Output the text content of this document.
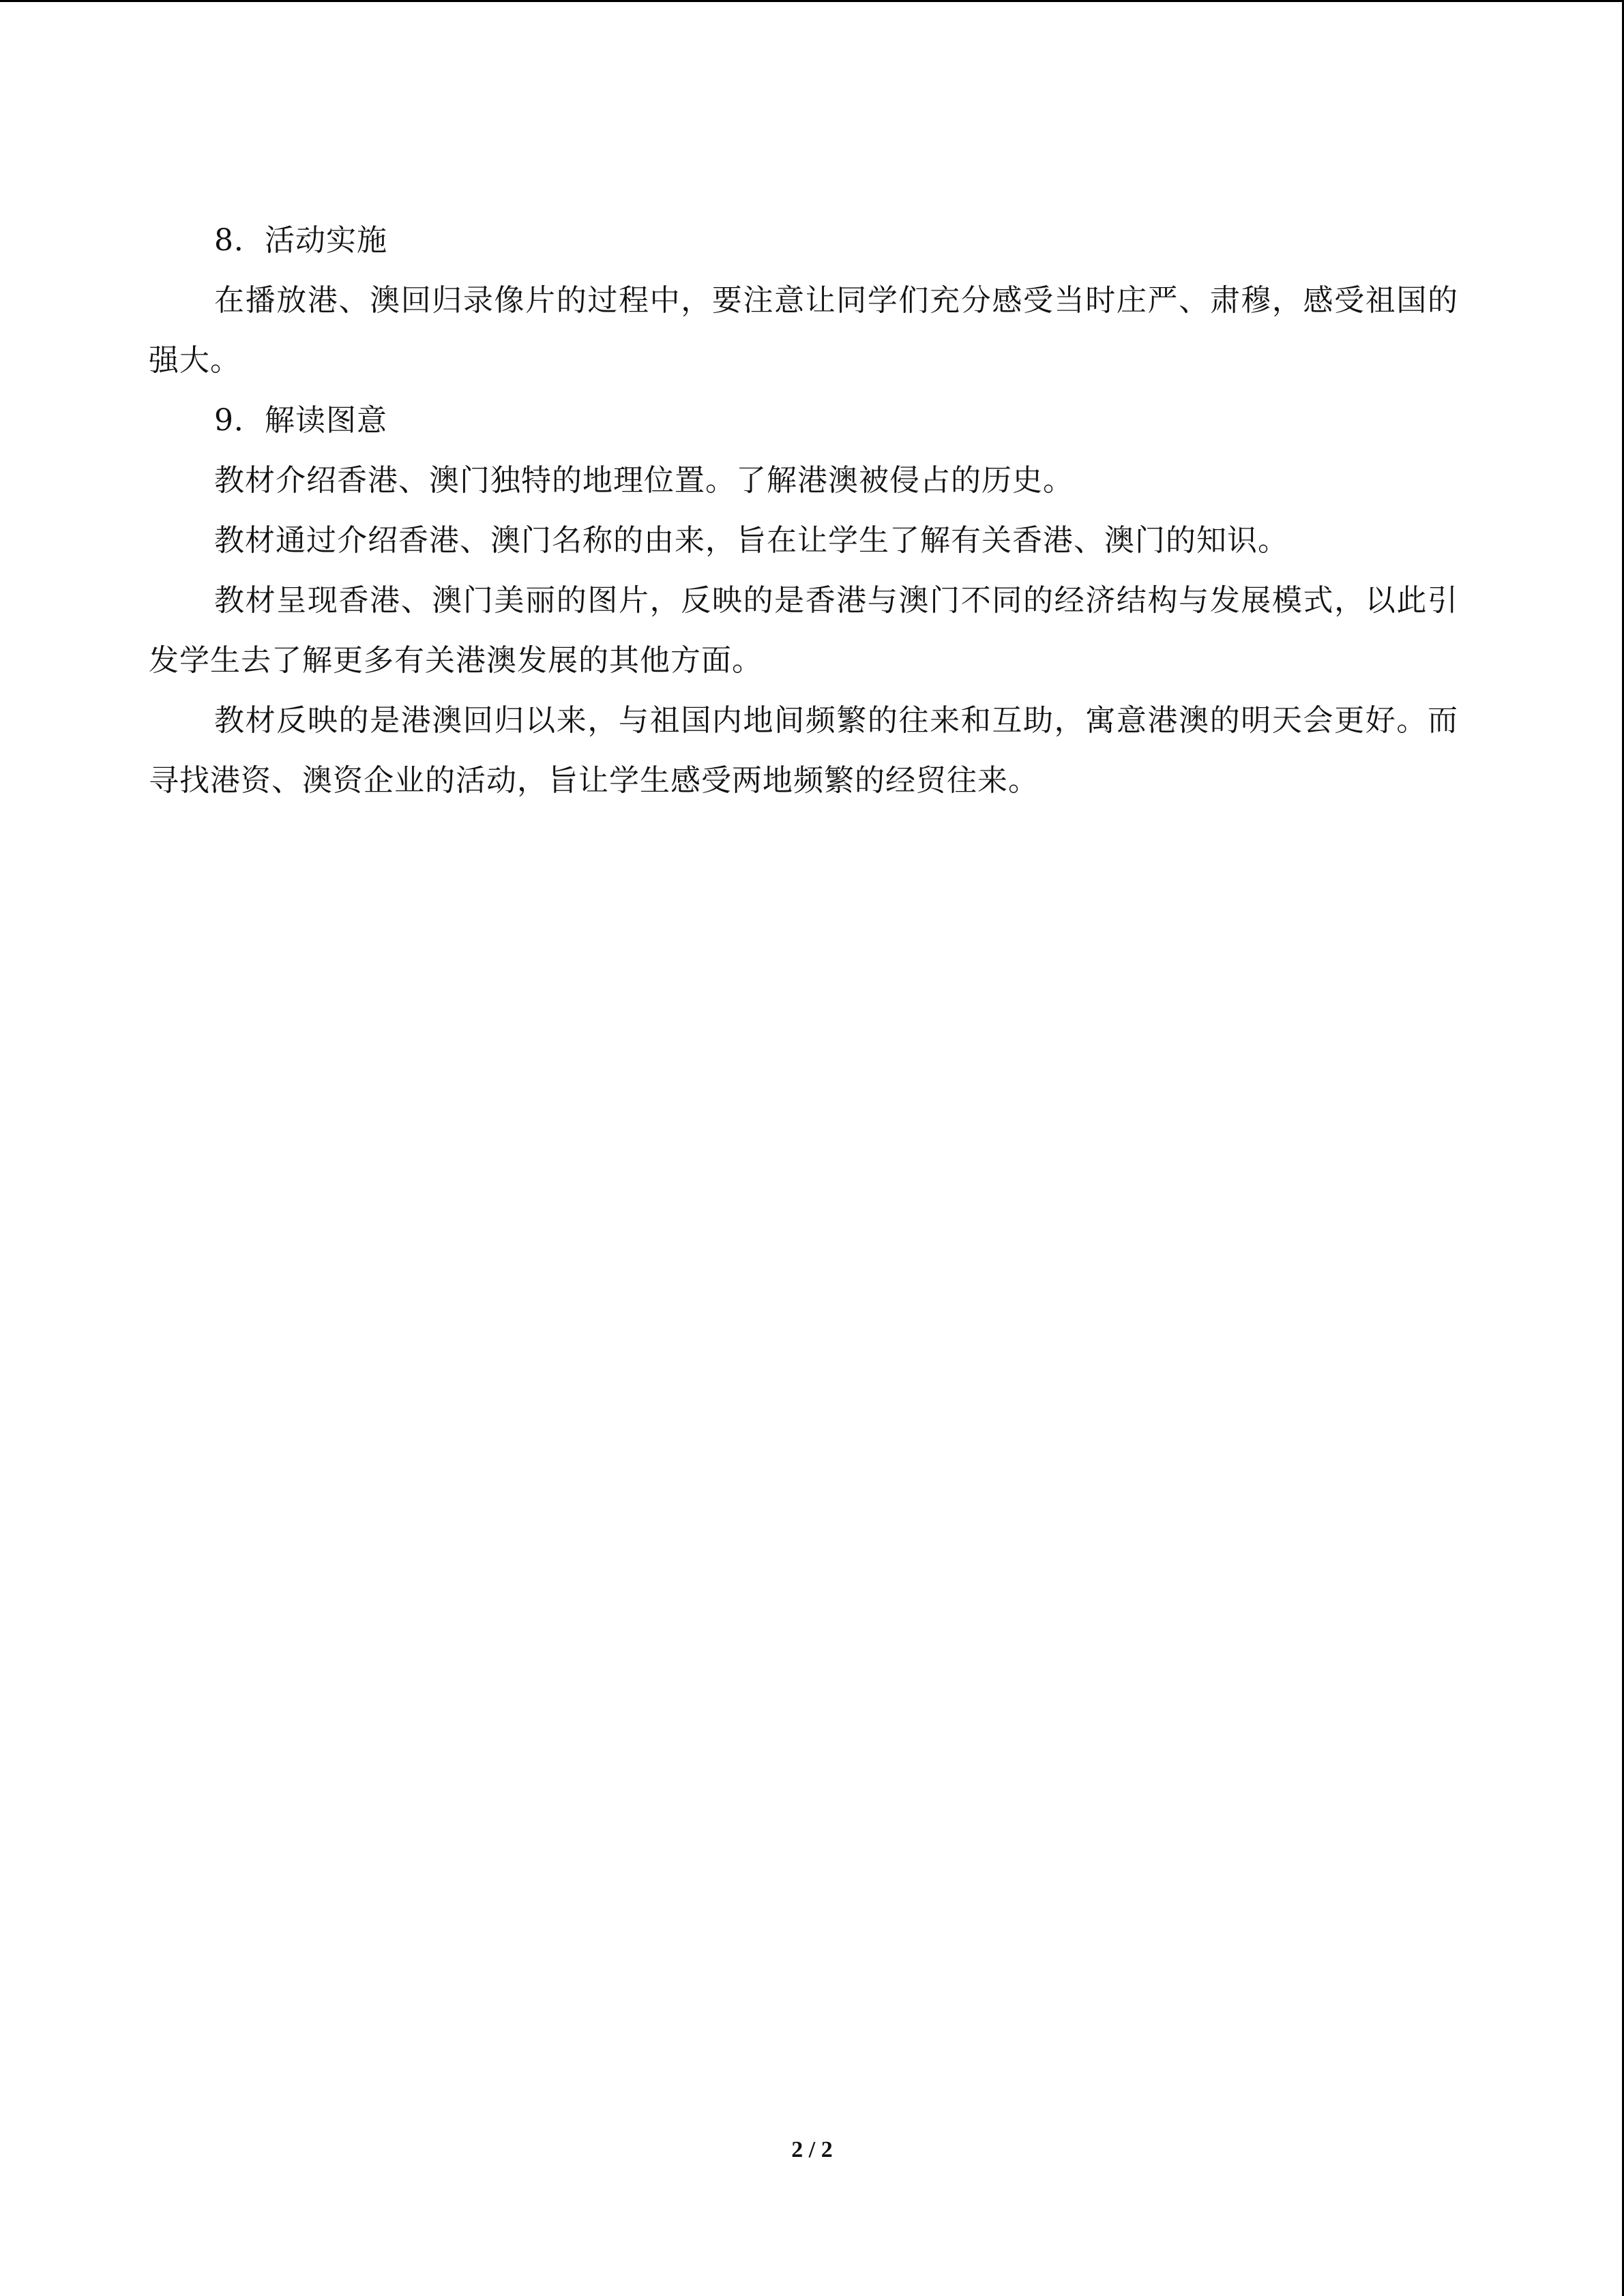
8．活动实施

在播放港、澳回归录像片的过程中，要注意让同学们充分感受当时庄严、肃穆，感受祖国的强大。

9．解读图意

教材介绍香港、澳门独特的地理位置。了解港澳被侵占的历史。

教材通过介绍香港、澳门名称的由来，旨在让学生了解有关香港、澳门的知识。

教材呈现香港、澳门美丽的图片，反映的是香港与澳门不同的经济结构与发展模式，以此引发学生去了解更多有关港澳发展的其他方面。

教材反映的是港澳回归以来，与祖国内地间频繁的往来和互助，寓意港澳的明天会更好。而寻找港资、澳资企业的活动，旨让学生感受两地频繁的经贸往来。

2 / 2
